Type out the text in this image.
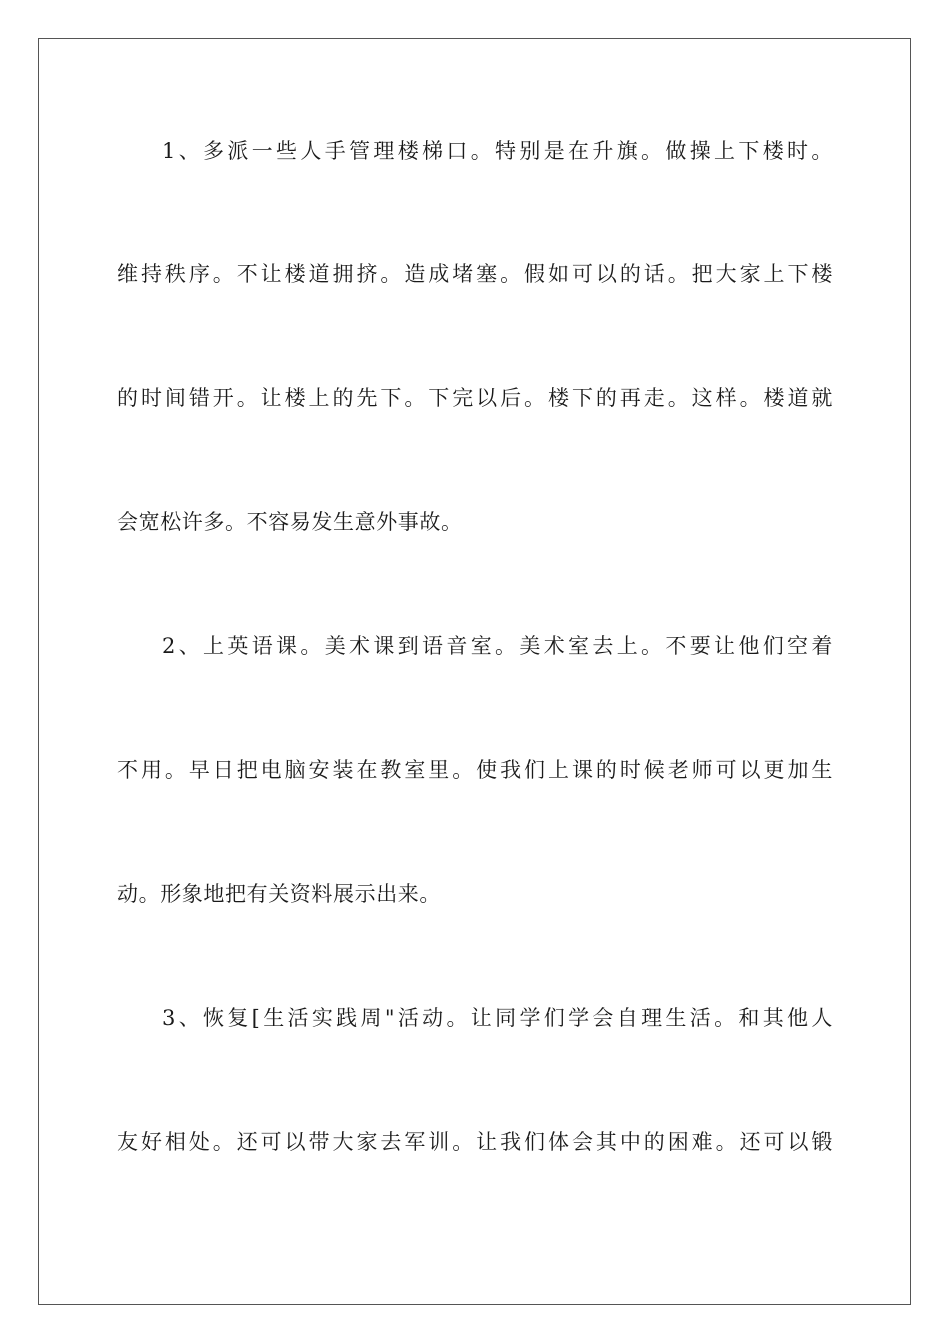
1、多派一些人手管理楼梯口。特别是在升旗。做操上下楼时。
维持秩序。不让楼道拥挤。造成堵塞。假如可以的话。把大家上下楼
的时间错开。让楼上的先下。下完以后。楼下的再走。这样。楼道就
会宽松许多。不容易发生意外事故。
2、上英语课。美术课到语音室。美术室去上。不要让他们空着
不用。早日把电脑安装在教室里。使我们上课的时候老师可以更加生
动。形象地把有关资料展示出来。
3、恢复[生活实践周"活动。让同学们学会自理生活。和其他人
友好相处。还可以带大家去军训。让我们体会其中的困难。还可以锻
